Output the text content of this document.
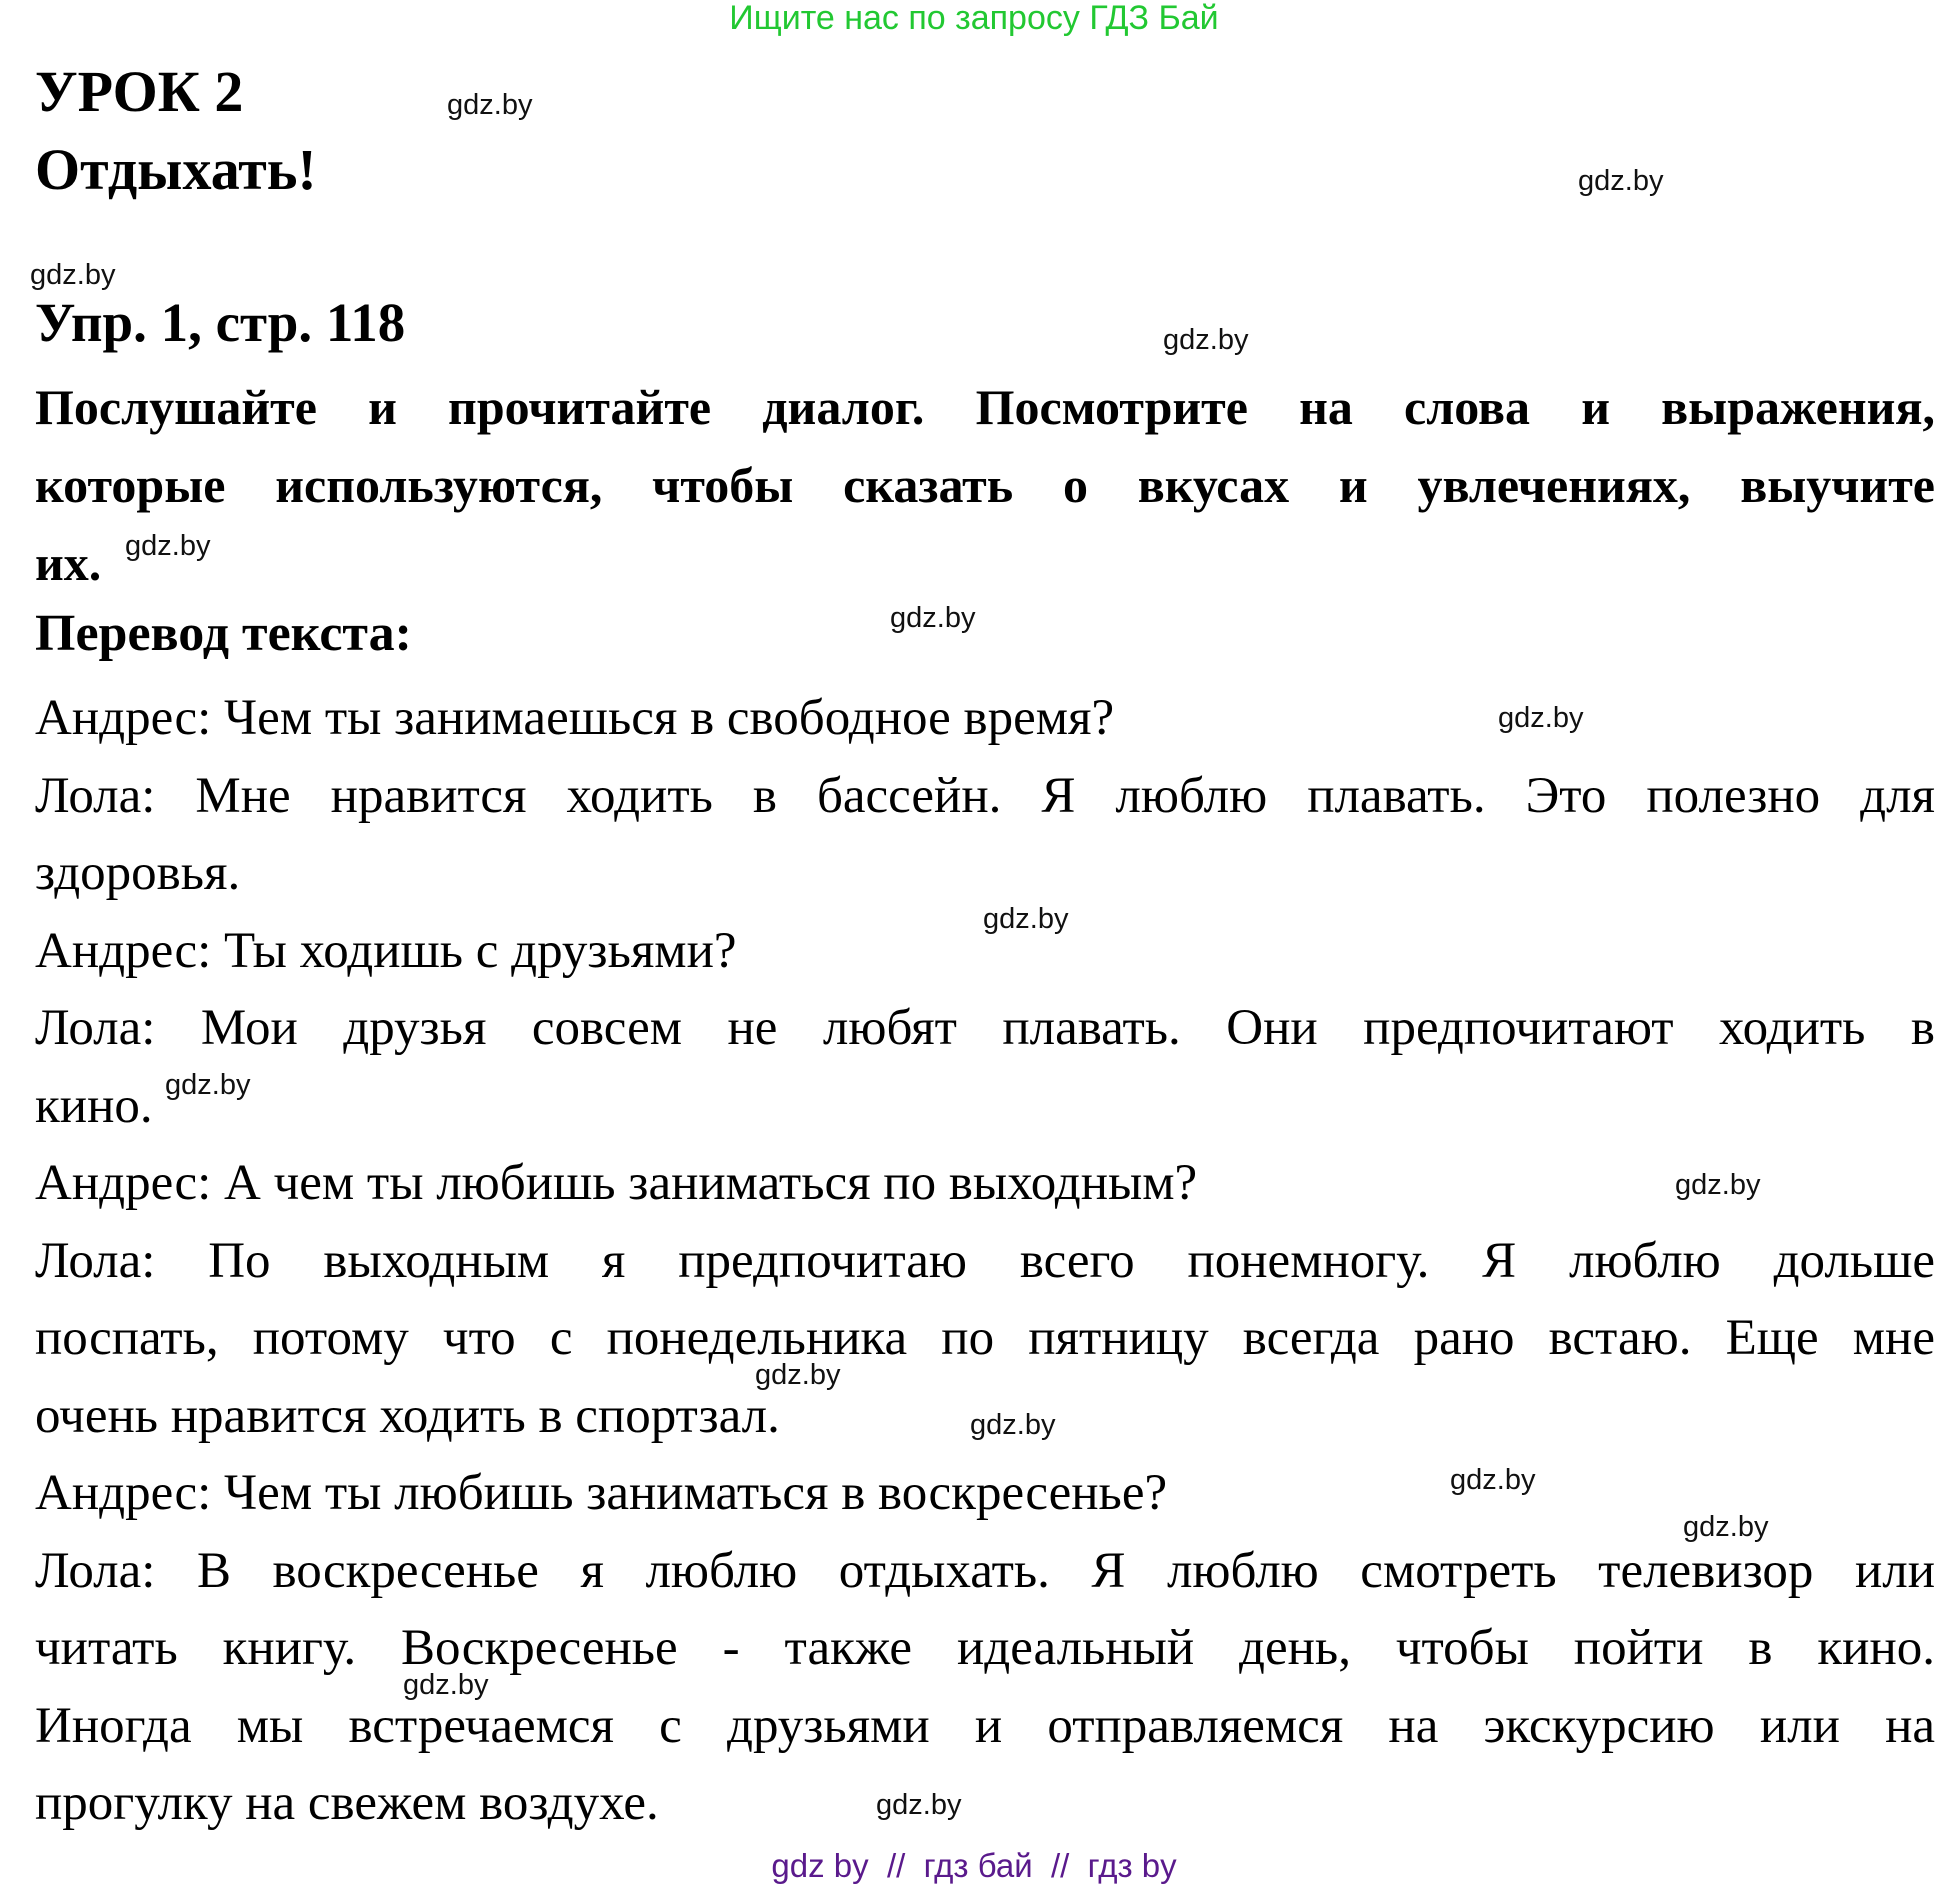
Ищите нас по запросу ГДЗ Бай
УРОК 2
Отдыхать!
Упр. 1, стр. 118
Послушайте и прочитайте диалог. Посмотрите на слова и выражения,
которые используются, чтобы сказать о вкусах и увлечениях, выучите
их.
Перевод текста:
Андрес: Чем ты занимаешься в свободное время?
Лола: Мне нравится ходить в бассейн. Я люблю плавать. Это полезно для
здоровья.
Андрес: Ты ходишь с друзьями?
Лола: Мои друзья совсем не любят плавать. Они предпочитают ходить в
кино.
Андрес: А чем ты любишь заниматься по выходным?
Лола: По выходным я предпочитаю всего понемногу. Я люблю дольше
поспать, потому что с понедельника по пятницу всегда рано встаю. Еще мне
очень нравится ходить в спортзал.
Андрес: Чем ты любишь заниматься в воскресенье?
Лола: В воскресенье я люблю отдыхать. Я люблю смотреть телевизор или
читать книгу. Воскресенье - также идеальный день, чтобы пойти в кино.
Иногда мы встречаемся с друзьями и отправляемся на экскурсию или на
прогулку на свежем воздухе.
gdz.by
gdz.by
gdz.by
gdz.by
gdz.by
gdz.by
gdz.by
gdz.by
gdz.by
gdz.by
gdz.by
gdz.by
gdz.by
gdz.by
gdz.by
gdz.by
gdz by  //  гдз бай  //  гдз by
